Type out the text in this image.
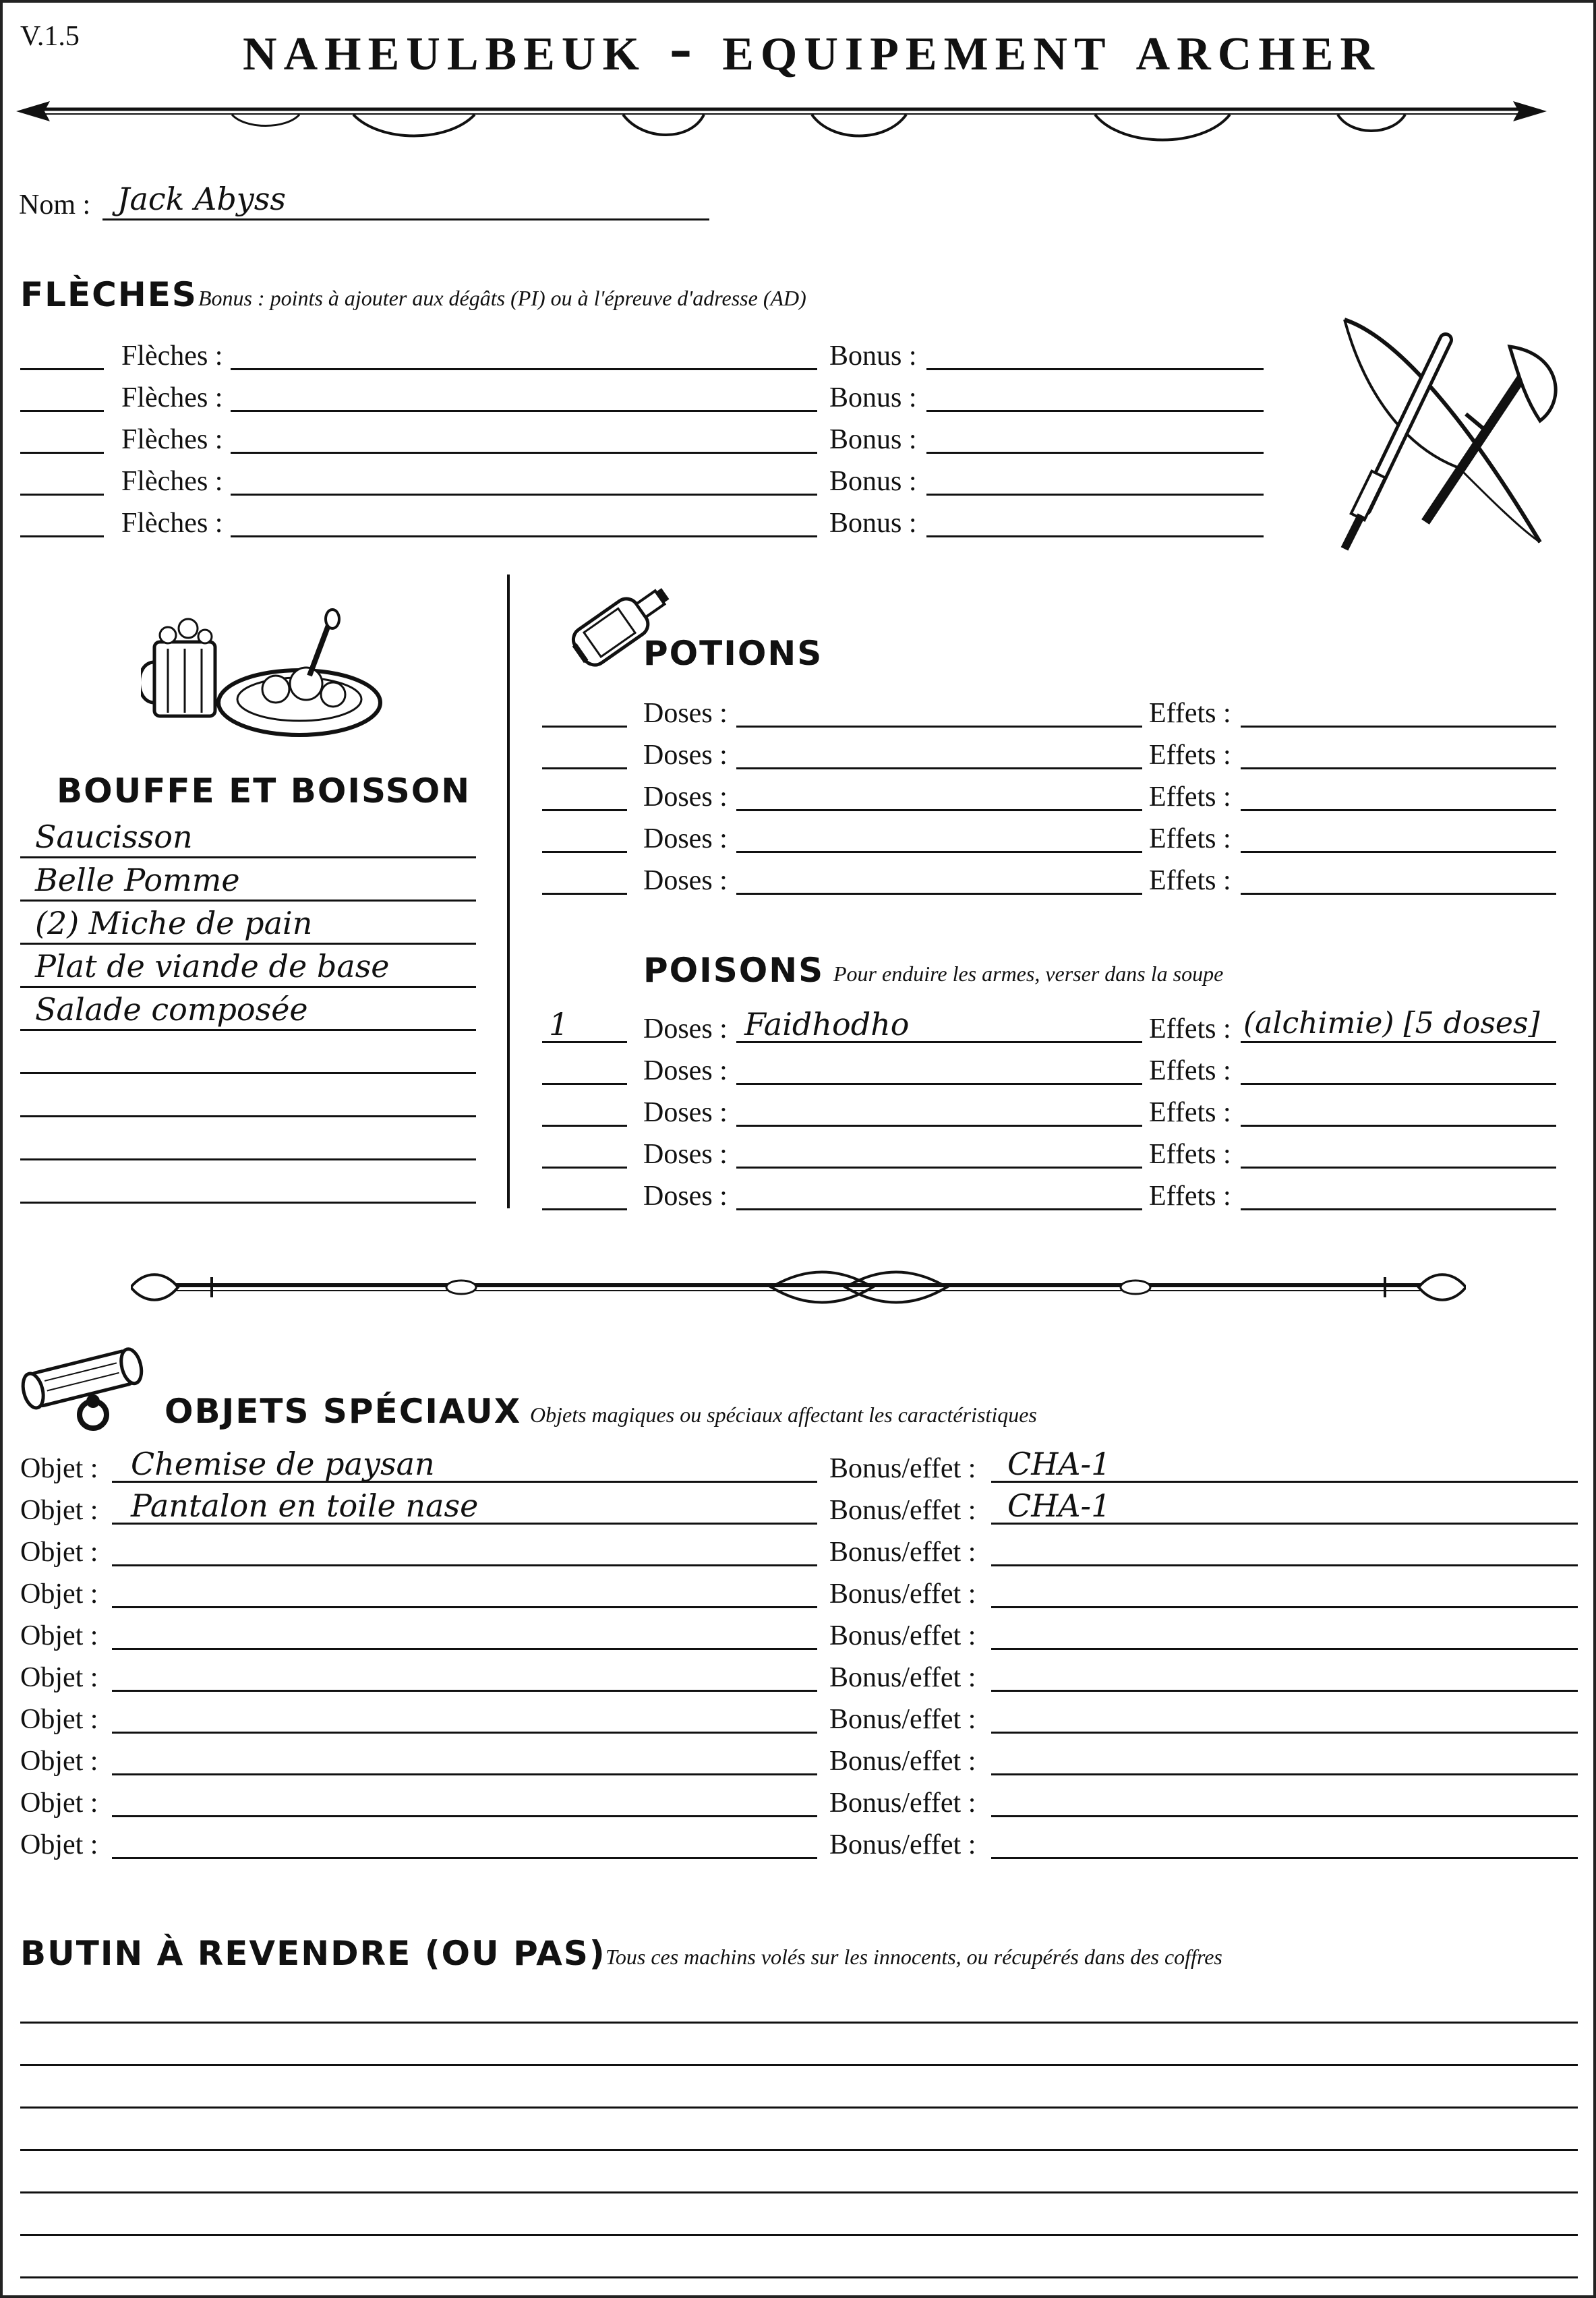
V.1.5	naheulbeuk - equipement archer
Nom : Jack Abyss
FLÈCHES Bonus : points à ajouter aux dégâts (PI) ou à l'épreuve d'adresse (AD)
Flèches :	Bonus :
Flèches :	Bonus :
Flèches :	Bonus :
Flèches :	Bonus :
Flèches :	Bonus :
BOUFFE ET BOISSON
Saucisson
Belle Pomme
(2) Miche de pain
Plat de viande de base
Salade composée
POTIONS
Doses :	Effets :
Doses :	Effets :
Doses :	Effets :
Doses :	Effets :
Doses :	Effets :
POISONS Pour enduire les armes, verser dans la soupe
1	Doses : Faidhodho	Effets : (alchimie) [5 doses]
Doses :	Effets :
Doses :	Effets :
Doses :	Effets :
Doses :	Effets :
OBJETS SPÉCIAUX Objets magiques ou spéciaux affectant les caractéristiques
Objet : Chemise de paysan	Bonus/effet : CHA-1
Objet : Pantalon en toile nase	Bonus/effet : CHA-1
Objet :	Bonus/effet :
Objet :	Bonus/effet :
Objet :	Bonus/effet :
Objet :	Bonus/effet :
Objet :	Bonus/effet :
Objet :	Bonus/effet :
Objet :	Bonus/effet :
Objet :	Bonus/effet :
BUTIN À REVENDRE (OU PAS) Tous ces machins volés sur les innocents, ou récupérés dans des coffres
